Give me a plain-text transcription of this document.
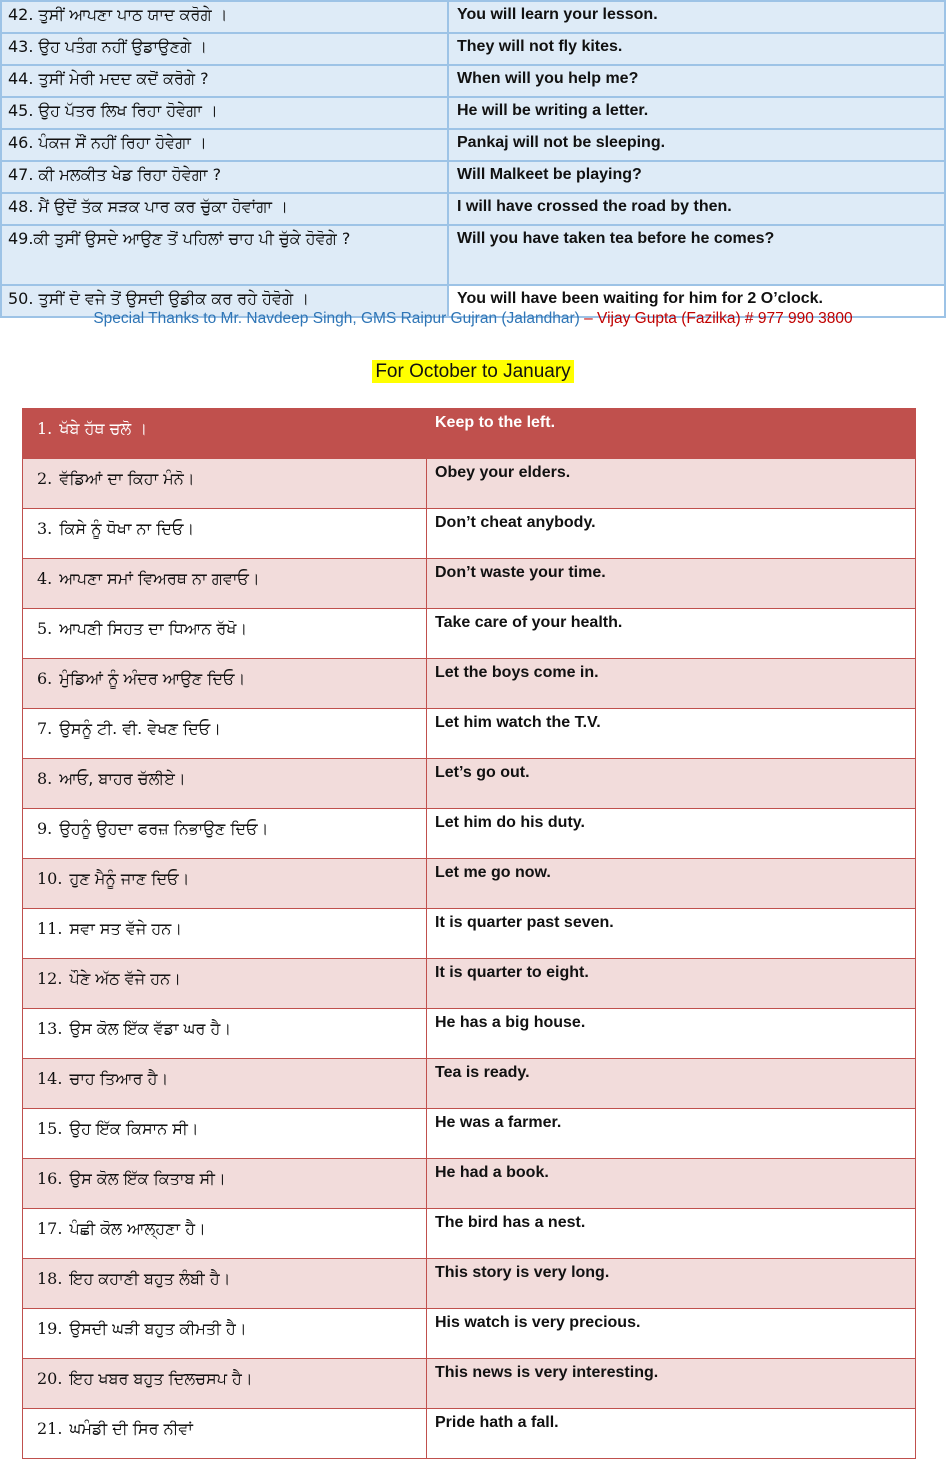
42. ਤੁਸੀਂ ਆਪਣਾ ਪਾਠ ਯਾਦ ਕਰੋਗੇ ।	You will learn your lesson.
43. ਉਹ ਪਤੰਗ ਨਹੀਂ ਉਡਾਉਣਗੇ ।	They will not fly kites.
44. ਤੁਸੀਂ ਮੇਰੀ ਮਦਦ ਕਦੋਂ ਕਰੋਗੇ ?	When will you help me?
45. ਉਹ ਪੱਤਰ ਲਿਖ ਰਿਹਾ ਹੋਵੇਗਾ ।	He will be writing a letter.
46. ਪੰਕਜ ਸੌਂ ਨਹੀਂ ਰਿਹਾ ਹੋਵੇਗਾ ।	Pankaj will not be sleeping.
47. ਕੀ ਮਲਕੀਤ ਖੇਡ ਰਿਹਾ ਹੋਵੇਗਾ ?	Will Malkeet be playing?
48. ਮੈਂ ਉਦੋਂ ਤੱਕ ਸੜਕ ਪਾਰ ਕਰ ਚੁੱਕਾ ਹੋਵਾਂਗਾ ।	I will have crossed the road by then.
49.ਕੀ ਤੁਸੀਂ ਉਸਦੇ ਆਉਣ ਤੋਂ ਪਹਿਲਾਂ ਚਾਹ ਪੀ ਚੁੱਕੇ ਹੋਵੋਗੇ ?	Will you have taken tea before he comes?
50. ਤੁਸੀਂ ਦੋ ਵਜੇ ਤੋਂ ਉਸਦੀ ਉਡੀਕ ਕਰ ਰਹੇ ਹੋਵੋਗੇ ।	You will have been waiting for him for 2 O’clock.
Special Thanks to Mr. Navdeep Singh, GMS Raipur Gujran (Jalandhar) – Vijay Gupta (Fazilka) # 977 990 3800
For October to January
1. ਖੱਬੇ ਹੱਥ ਚਲੋ ।	Keep to the left.
2. ਵੱਡਿਆਂ ਦਾ ਕਿਹਾ ਮੰਨੋ।	Obey your elders.
3. ਕਿਸੇ ਨੂੰ ਧੋਖਾ ਨਾ ਦਿਓ।	Don’t cheat anybody.
4. ਆਪਣਾ ਸਮਾਂ ਵਿਅਰਥ ਨਾ ਗਵਾਓ।	Don’t waste your time.
5. ਆਪਣੀ ਸਿਹਤ ਦਾ ਧਿਆਨ ਰੱਖੋ।	Take care of your health.
6. ਮੁੰਡਿਆਂ ਨੂੰ ਅੰਦਰ ਆਉਣ ਦਿਓ।	Let the boys come in.
7. ਉਸਨੂੰ ਟੀ. ਵੀ. ਵੇਖਣ ਦਿਓ।	Let him watch the T.V.
8. ਆਓ, ਬਾਹਰ ਚੱਲੀਏ।	Let’s go out.
9. ਉਹਨੂੰ ਉਹਦਾ ਫਰਜ਼ ਨਿਭਾਉਣ ਦਿਓ।	Let him do his duty.
10. ਹੁਣ ਮੈਨੂੰ ਜਾਣ ਦਿਓ।	Let me go now.
11. ਸਵਾ ਸਤ ਵੱਜੇ ਹਨ।	It is quarter past seven.
12. ਪੌਣੇ ਅੱਠ ਵੱਜੇ ਹਨ।	It is quarter to eight.
13. ਉਸ ਕੋਲ ਇੱਕ ਵੱਡਾ ਘਰ ਹੈ।	He has a big house.
14. ਚਾਹ ਤਿਆਰ ਹੈ।	Tea is ready.
15. ਉਹ ਇੱਕ ਕਿਸਾਨ ਸੀ।	He was a farmer.
16. ਉਸ ਕੋਲ ਇੱਕ ਕਿਤਾਬ ਸੀ।	He had a book.
17. ਪੰਛੀ ਕੋਲ ਆਲ੍ਹਣਾ ਹੈ।	The bird has a nest.
18. ਇਹ ਕਹਾਣੀ ਬਹੁਤ ਲੰਬੀ ਹੈ।	This story is very long.
19. ਉਸਦੀ ਘੜੀ ਬਹੁਤ ਕੀਮਤੀ ਹੈ।	His watch is very precious.
20. ਇਹ ਖਬਰ ਬਹੁਤ ਦਿਲਚਸਪ ਹੈ।	This news is very interesting.
21. ਘਮੰਡੀ ਦੀ ਸਿਰ ਨੀਵਾਂ	Pride hath a fall.
